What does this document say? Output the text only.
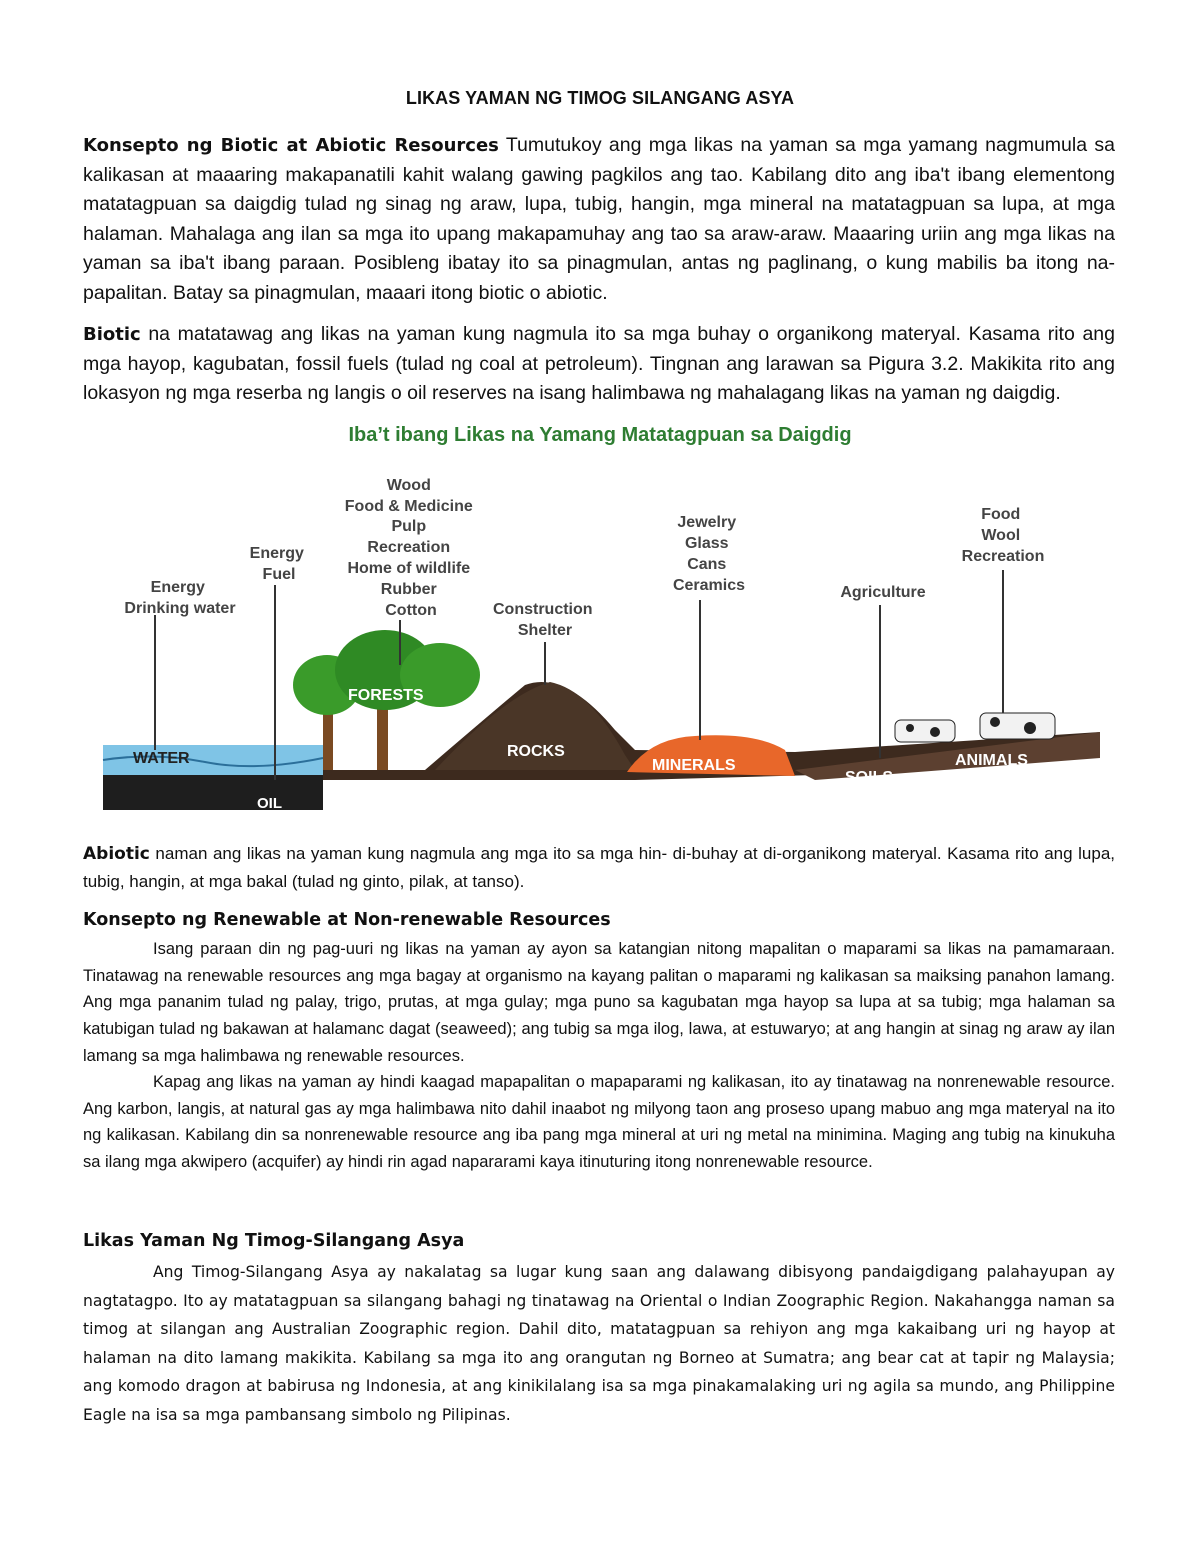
LIKAS YAMAN NG TIMOG SILANGANG ASYA
Konsepto ng Biotic at Abiotic Resources Tumutukoy ang mga likas na yaman sa mga yamang nagmumula sa kalikasan at maaaring makapanatili kahit walang gawing pagkilos ang tao. Kabilang dito ang iba't ibang elementong matatagpuan sa daigdig tulad ng sinag ng araw, lupa, tubig, hangin, mga mineral na matatagpuan sa lupa, at mga halaman. Mahalaga ang ilan sa mga ito upang makapamuhay ang tao sa araw-araw. Maaaring uriin ang mga likas na yaman sa iba't ibang paraan. Posibleng ibatay ito sa pinagmulan, antas ng paglinang, o kung mabilis ba itong na-papalitan. Batay sa pinagmulan, maaari itong biotic o abiotic.
Biotic na matatawag ang likas na yaman kung nagmula ito sa mga buhay o organikong materyal. Kasama rito ang mga hayop, kagubatan, fossil fuels (tulad ng coal at petroleum). Tingnan ang larawan sa Pigura 3.2. Makikita rito ang lokasyon ng mga reserba ng langis o oil reserves na isang halimbawa ng mahalagang likas na yaman ng daigdig.
Iba’t ibang Likas na Yamang Matatagpuan sa Daigdig
Energy Drinking water
Energy Fuel
Wood Food & Medicine Pulp Recreation Home of wildlife Rubber Cotton	Construction Shelter
Jewelry Glass Cans Ceramics	Agriculture
Food Wool Recreation
WATER
OIL
FORESTS
ROCKS
MINERALS
SOILS
ANIMALS
Abiotic naman ang likas na yaman kung nagmula ang mga ito sa mga hin- di-buhay at di-organikong materyal. Kasama rito ang lupa, tubig, hangin, at mga bakal (tulad ng ginto, pilak, at tanso).
Konsepto ng Renewable at Non-renewable Resources
Isang paraan din ng pag-uuri ng likas na yaman ay ayon sa katangian nitong mapalitan o maparami sa likas na pamamaraan. Tinatawag na renewable resources ang mga bagay at organismo na kayang palitan o maparami ng kalikasan sa maiksing panahon lamang. Ang mga pananim tulad ng palay, trigo, prutas, at mga gulay; mga puno sa kagubatan mga hayop sa lupa at sa tubig; mga halaman sa katubigan tulad ng bakawan at halamanc dagat (seaweed); ang tubig sa mga ilog, lawa, at estuwaryo; at ang hangin at sinag ng araw ay ilan lamang sa mga halimbawa ng renewable resources.
Kapag ang likas na yaman ay hindi kaagad mapapalitan o mapaparami ng kalikasan, ito ay tinatawag na nonrenewable resource. Ang karbon, langis, at natural gas ay mga halimbawa nito dahil inaabot ng milyong taon ang proseso upang mabuo ang mga materyal na ito ng kalikasan. Kabilang din sa nonrenewable resource ang iba pang mga mineral at uri ng metal na minimina. Maging ang tubig na kinukuha sa ilang mga akwipero (acquifer) ay hindi rin agad napararami kaya itinuturing itong nonrenewable resource.
Likas Yaman Ng Timog-Silangang Asya
Ang Timog-Silangang Asya ay nakalatag sa lugar kung saan ang dalawang dibisyong pandaigdigang palahayupan ay nagtatagpo. Ito ay matatagpuan sa silangang bahagi ng tinatawag na Oriental o Indian Zoographic Region. Nakahangga naman sa timog at silangan ang Australian Zoographic region. Dahil dito, matatagpuan sa rehiyon ang mga kakaibang uri ng hayop at halaman na dito lamang makikita. Kabilang sa mga ito ang orangutan ng Borneo at Sumatra; ang bear cat at tapir ng Malaysia; ang komodo dragon at babirusa ng Indonesia, at ang kinikilalang isa sa mga pinakamalaking uri ng agila sa mundo, ang Philippine Eagle na isa sa mga pambansang simbolo ng Pilipinas.
